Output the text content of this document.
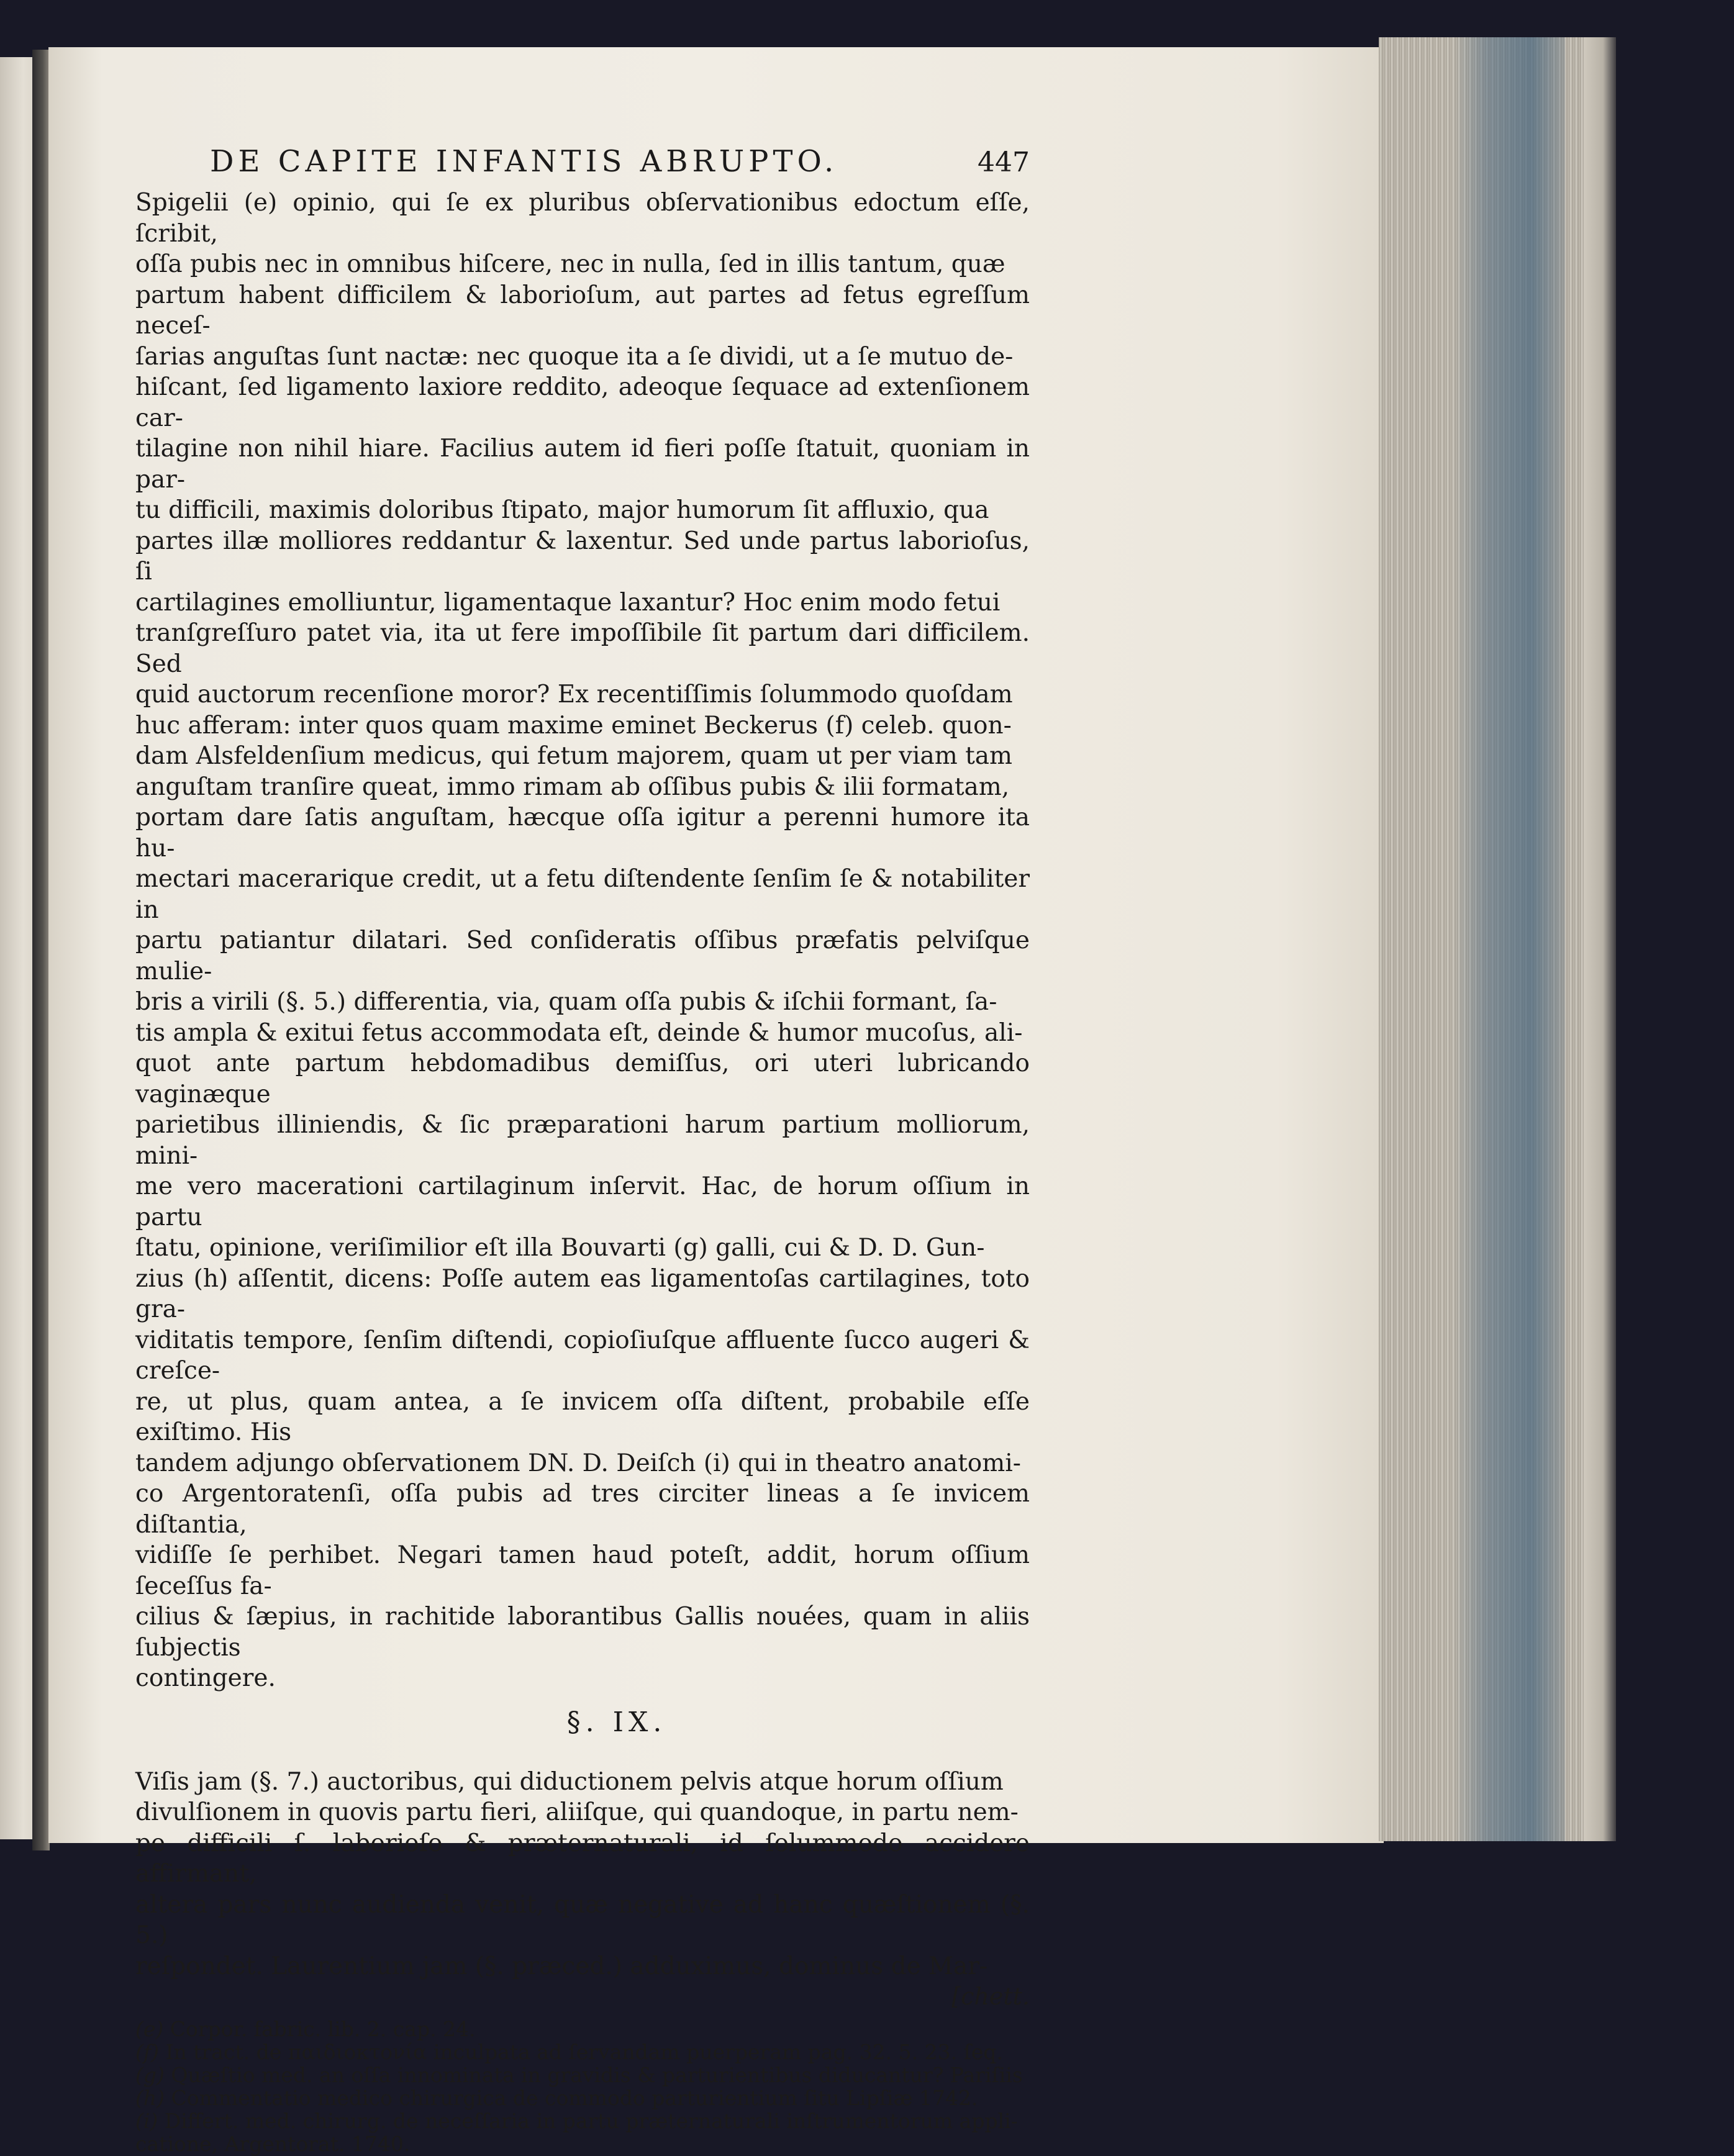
DE CAPITE INFANTIS ABRUPTO.	447

Spigelii (e) opinio, qui ſe ex pluribus obſervationibus edoctum eſſe, ſcribit,
oſſa pubis nec in omnibus hiſcere, nec in nulla, ſed in illis tantum, quæ
partum habent difficilem & laborioſum, aut partes ad fetus egreſſum neceſ-
ſarias anguſtas ſunt nactæ: nec quoque ita a ſe dividi, ut a ſe mutuo de-
hiſcant, ſed ligamento laxiore reddito, adeoque ſequace ad extenſionem car-
tilagine non nihil hiare. Facilius autem id fieri poſſe ſtatuit, quoniam in par-
tu difficili, maximis doloribus ſtipato, major humorum ſit affluxio, qua
partes illæ molliores reddantur & laxentur. Sed unde partus laborioſus, ſi
cartilagines emolliuntur, ligamentaque laxantur? Hoc enim modo fetui
tranſgreſſuro patet via, ita ut fere impoſſibile ſit partum dari difficilem. Sed
quid auctorum recenſione moror? Ex recentiſſimis ſolummodo quoſdam
huc afferam: inter quos quam maxime eminet Beckerus (f) celeb. quon-
dam Alsfeldenſium medicus, qui fetum majorem, quam ut per viam tam
anguſtam tranſire queat, immo rimam ab oſſibus pubis & ilii formatam,
portam dare ſatis anguſtam, hæcque oſſa igitur a perenni humore ita hu-
mectari macerarique credit, ut a fetu diſtendente ſenſim ſe & notabiliter in
partu patiantur dilatari. Sed conſideratis oſſibus præfatis pelviſque mulie-
bris a virili (§. 5.) differentia, via, quam oſſa pubis & iſchii formant, ſa-
tis ampla & exitui fetus accommodata eſt, deinde & humor mucoſus, ali-
quot ante partum hebdomadibus demiſſus, ori uteri lubricando vaginæque
parietibus illiniendis, & ſic præparationi harum partium molliorum, mini-
me vero macerationi cartilaginum inſervit. Hac, de horum oſſium in partu
ſtatu, opinione, veriſimilior eſt illa Bouvarti (g) galli, cui & D. D. Gun-
zius (h) aſſentit, dicens: Poſſe autem eas ligamentoſas cartilagines, toto gra-
viditatis tempore, ſenſim diſtendi, copioſiuſque affluente ſucco augeri & creſce-
re, ut plus, quam antea, a ſe invicem oſſa diſtent, probabile eſſe exiſtimo. His
tandem adjungo obſervationem DN. D. Deiſch (i) qui in theatro anatomi-
co Argentoratenſi, oſſa pubis ad tres circiter lineas a ſe invicem diſtantia,
vidiſſe ſe perhibet. Negari tamen haud poteſt, addit, horum oſſium ſeceſſus fa-
cilius & ſæpius, in rachitide laborantibus Gallis nouées, quam in aliis ſubjectis
contingere.

§. IX.

Viſis jam (§. 7.) auctoribus, qui diductionem pelvis atque horum oſſium
divulſionem in quovis partu fieri, aliiſque, qui quandoque, in partu nem-
pe difficili ſ. laborioſo & præternaturali, id ſolummodo accidere affirmant,
altera pars nunc audienda venit, quæ negative ad hanc quæſtionem (§. 5.)
reſpondet. Laurentium jam (§. præced.) adduximus, dominus de Mar-

[chett.

(e) Corpor. fabric. lib. 2. cap. 24.

(f) In tract. de παιδιοκτονία inculpata ad ſervandam puerperam pag. 32. 5. 23. ſeq.

(g) Quæſtio med. an oſſa innominata in gravidis & parturientibus diducantur? Pariſiis

(h) Commentatio medico chirurgica de commodo parturientium ſitu Lipſiæ 1742.

(i) Differt. med. chirurg. de neceſſaria in partu præternaturali inſtrumentorum appli-
catione, Argentorat. 1740.
